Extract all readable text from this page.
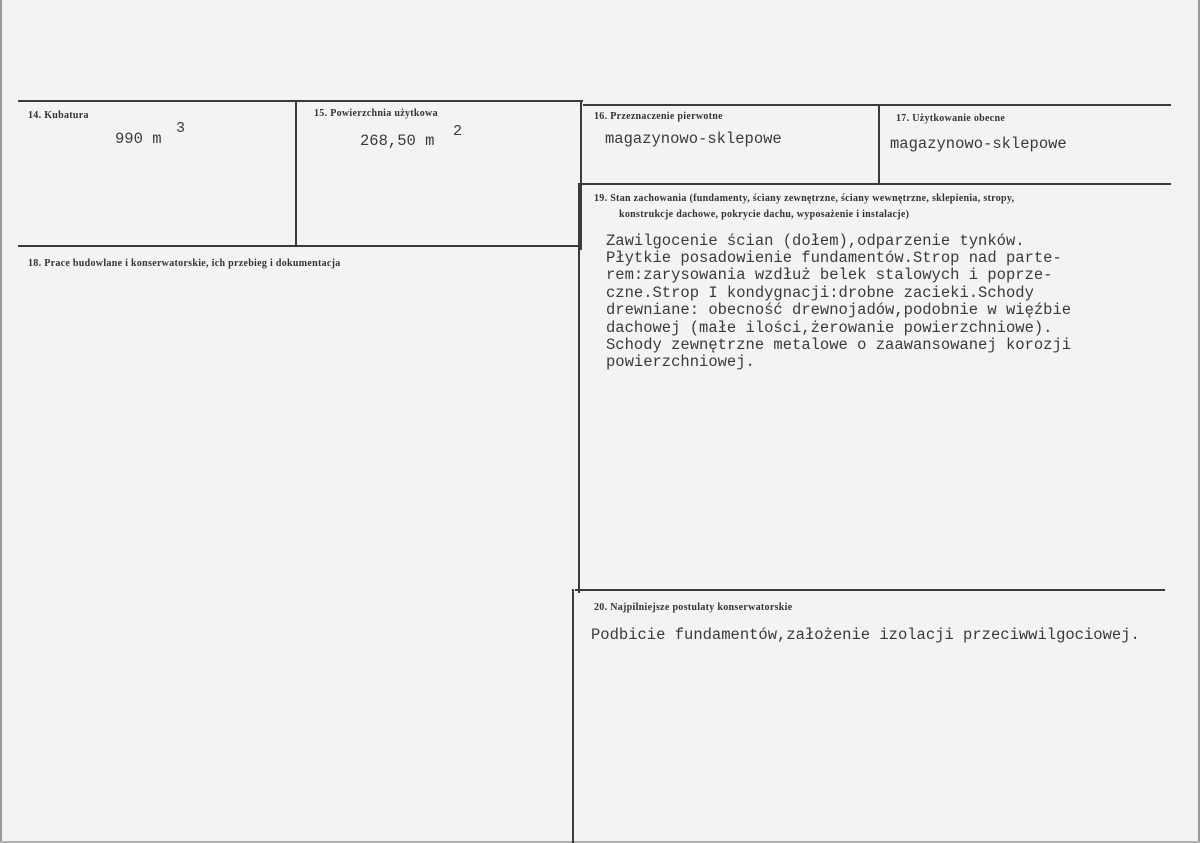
14. Kubatura
990 m
3
15. Powierzchnia użytkowa
268,50 m
2
16. Przeznaczenie pierwotne
magazynowo-sklepowe
17. Użytkowanie obecne
magazynowo-sklepowe
18. Prace budowlane i konserwatorskie, ich przebieg i dokumentacja
19. Stan zachowania (fundamenty, ściany zewnętrzne, ściany wewnętrzne, sklepienia, stropy,
konstrukcje dachowe, pokrycie dachu, wyposażenie i instalacje)
Zawilgocenie ścian (dołem),odparzenie tynków.
Płytkie posadowienie fundamentów.Strop nad parte-
rem:zarysowania wzdłuż belek stalowych i poprze-
czne.Strop I kondygnacji:drobne zacieki.Schody
drewniane: obecność drewnojadów,podobnie w więźbie
dachowej (małe ilości,żerowanie powierzchniowe).
Schody zewnętrzne metalowe o zaawansowanej korozji
powierzchniowej.
20. Najpilniejsze postulaty konserwatorskie
Podbicie fundamentów,założenie izolacji przeciwwilgociowej.
